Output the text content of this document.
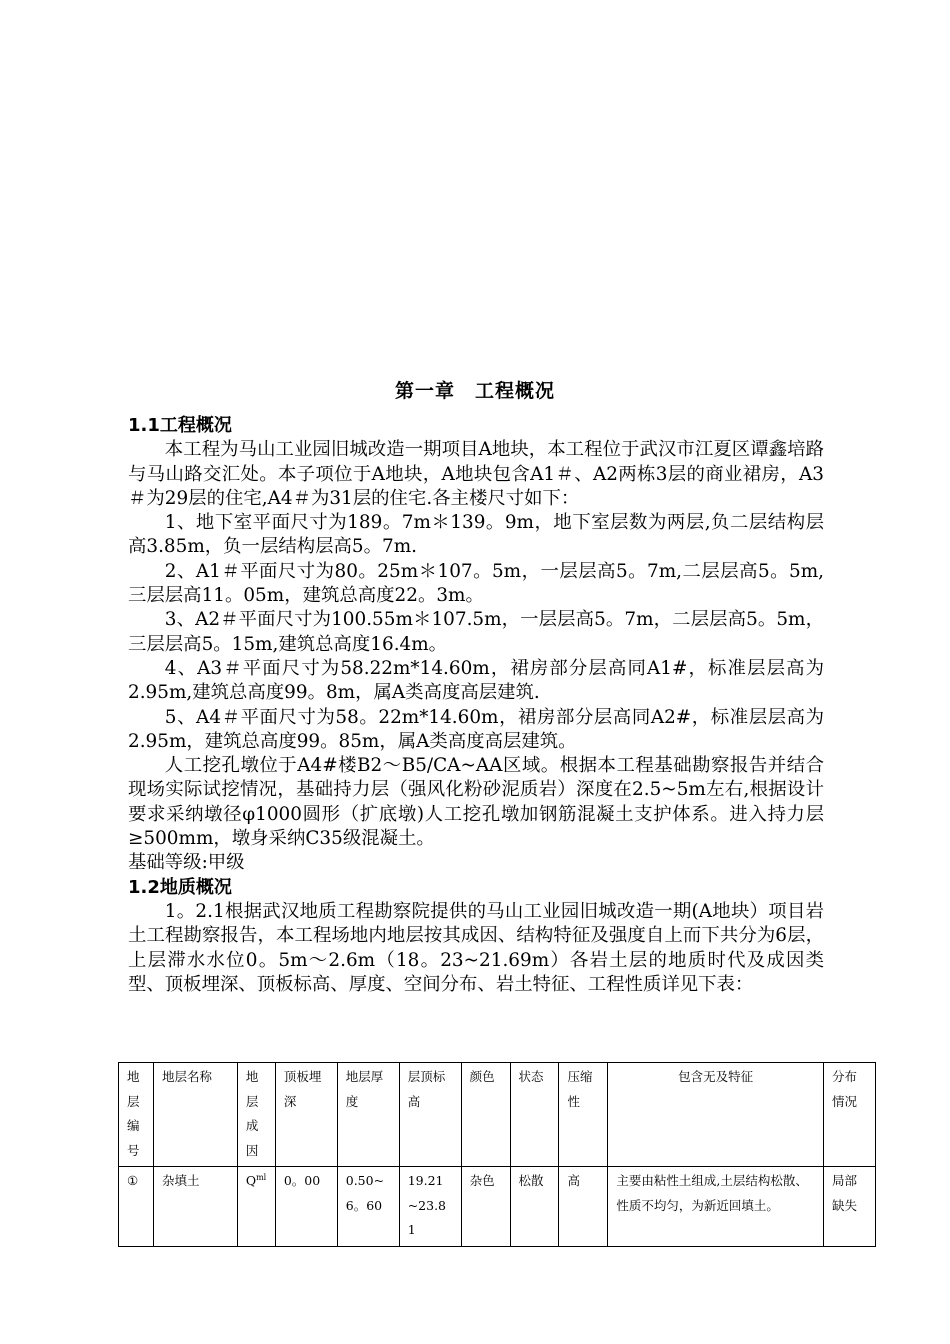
第一章　工程概况
1.1工程概况

本工程为马山工业园旧城改造一期项目A地块，本工程位于武汉市江夏区谭鑫培路与马山路交汇处。本子项位于A地块，A地块包含A1＃、A2两栋3层的商业裙房，A3＃为29层的住宅,A4＃为31层的住宅.各主楼尺寸如下：

1、地下室平面尺寸为189。7m＊139。9m，地下室层数为两层,负二层结构层高3.85m，负一层结构层高5。7m.

2、A1＃平面尺寸为80。25m＊107。5m，一层层高5。7m,二层层高5。5m,三层层高11。05m，建筑总高度22。3m。

3、A2＃平面尺寸为100.55m＊107.5m，一层层高5。7m，二层层高5。5m，三层层高5。15m,建筑总高度16.4m。

4、A3＃平面尺寸为58.22m*14.60m，裙房部分层高同A1#，标准层层高为2.95m,建筑总高度99。8m，属A类高度高层建筑.

5、A4＃平面尺寸为58。22m*14.60m，裙房部分层高同A2#，标准层层高为2.95m，建筑总高度99。85m，属A类高度高层建筑。

人工挖孔墩位于A4#楼B2～B5/CA~AA区域。根据本工程基础勘察报告并结合现场实际试挖情况，基础持力层（强风化粉砂泥质岩）深度在2.5~5m左右,根据设计要求采纳墩径φ1000圆形（扩底墩)人工挖孔墩加钢筋混凝土支护体系。进入持力层≥500mm，墩身采纳C35级混凝土。

基础等级:甲级
1.2地质概况

1。2.1根据武汉地质工程勘察院提供的马山工业园旧城改造一期(A地块）项目岩土工程勘察报告，本工程场地内地层按其成因、结构特征及强度自上而下共分为6层，上层滞水水位0。5m～2.6m（18。23~21.69m）各岩土层的地质时代及成因类型、顶板埋深、顶板标高、厚度、空间分布、岩土特征、工程性质详见下表：

地层编号	地层名称	地层成因	顶板埋深	地层厚度	层顶标高	颜色	状态	压缩性	包含无及特征	分布情况
①	杂填土	$Q^{ml}$	0。00	0.50~6。60	19.21~23.81	杂色	松散	高	主要由粘性土组成,土层结构松散、性质不均匀，为新近回填土。	局部缺失
